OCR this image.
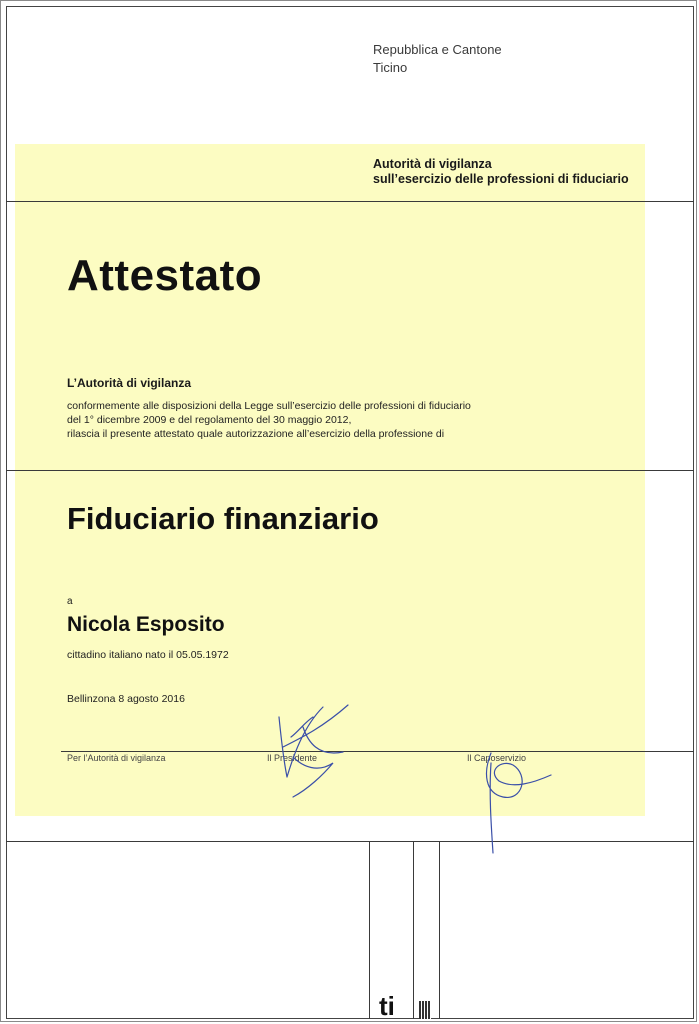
Repubblica e Cantone
Ticino
Autorità di vigilanza
sull’esercizio delle professioni di fiduciario
Attestato
L’Autorità di vigilanza
conformemente alle disposizioni della Legge sull’esercizio delle professioni di fiduciario
del 1° dicembre 2009 e del regolamento del 30 maggio 2012,
rilascia il presente attestato quale autorizzazione all’esercizio della professione di
Fiduciario finanziario
a
Nicola Esposito
cittadino italiano nato il 05.05.1972
Bellinzona 8 agosto 2016
Per l’Autorità di vigilanza	Il Presidente	Il Caposervizio
ti
